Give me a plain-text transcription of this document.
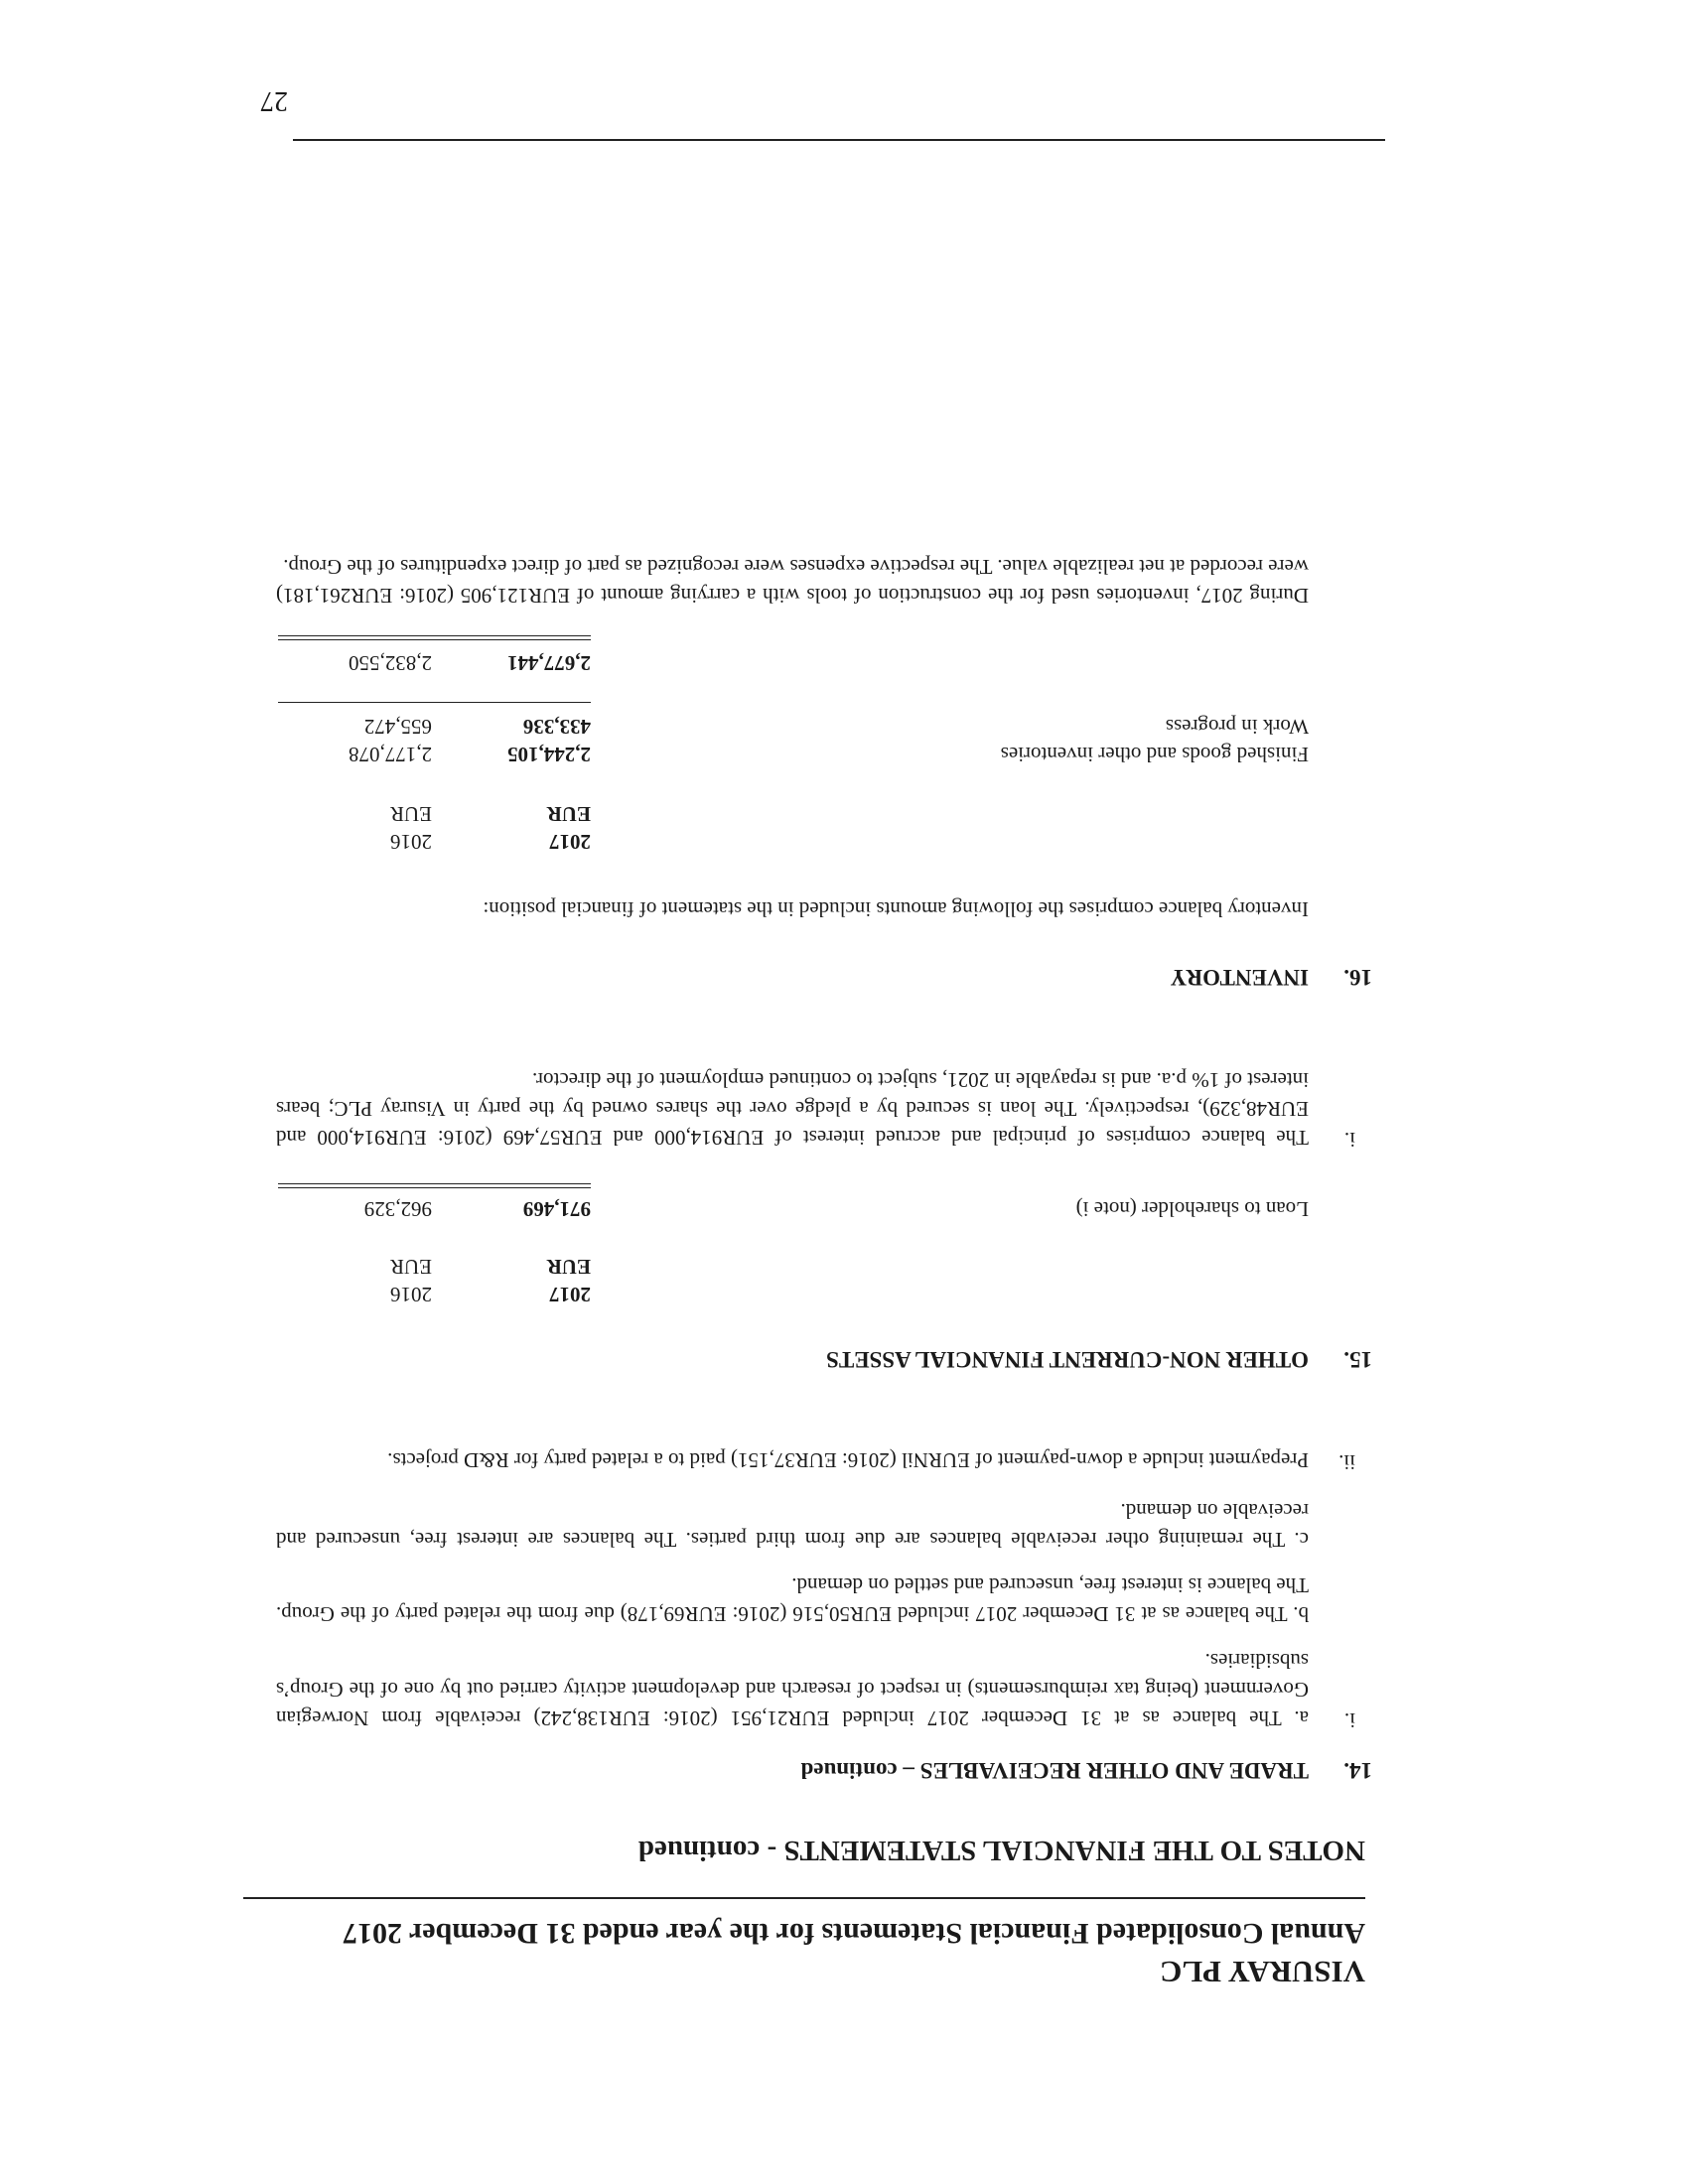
VISURAY PLC
Annual Consolidated Financial Statements for the year ended 31 December 2017
NOTES TO THE FINANCIAL STATEMENTS - continued
14.
TRADE AND OTHER RECEIVABLES – continued
i.
a. The balance as at 31 December 2017 included EUR21,951 (2016: EUR138,242) receivable from Norwegian Government (being tax reimbursements) in respect of research and development activity carried out by one of the Group’s subsidiaries.
b. The balance as at 31 December 2017 included EUR50,516 (2016: EUR69,178) due from the related party of the Group. The balance is interest free, unsecured and settled on demand.
c. The remaining other receivable balances are due from third parties. The balances are interest free, unsecured and receivable on demand.
ii.
Prepayment include a down-payment of EURNil (2016: EUR37,151) paid to a related party for R&D projects.
15.
OTHER NON-CURRENT FINANCIAL ASSETS
2017
2016
EUR
EUR
Loan to shareholder (note i)
971,469
962,329
i.
The balance comprises of principal and accrued interest of EUR914,000 and EUR57,469 (2016: EUR914,000 and EUR48,329), respectively. The loan is secured by a pledge over the shares owned by the party in Visuray PLC; bears interest of 1% p.a. and is repayable in 2021, subject to continued employment of the director.
16.
INVENTORY
Inventory balance comprises the following amounts included in the statement of financial position:
2017
2016
EUR
EUR
Finished goods and other inventories
2,244,105
2,177,078
Work in progress
433,336
655,472
2,677,441
2,832,550
During 2017, inventories used for the construction of tools with a carrying amount of EUR121,905 (2016: EUR261,181) were recorded at net realizable value. The respective expenses were recognized as part of direct expenditures of the Group.
27
